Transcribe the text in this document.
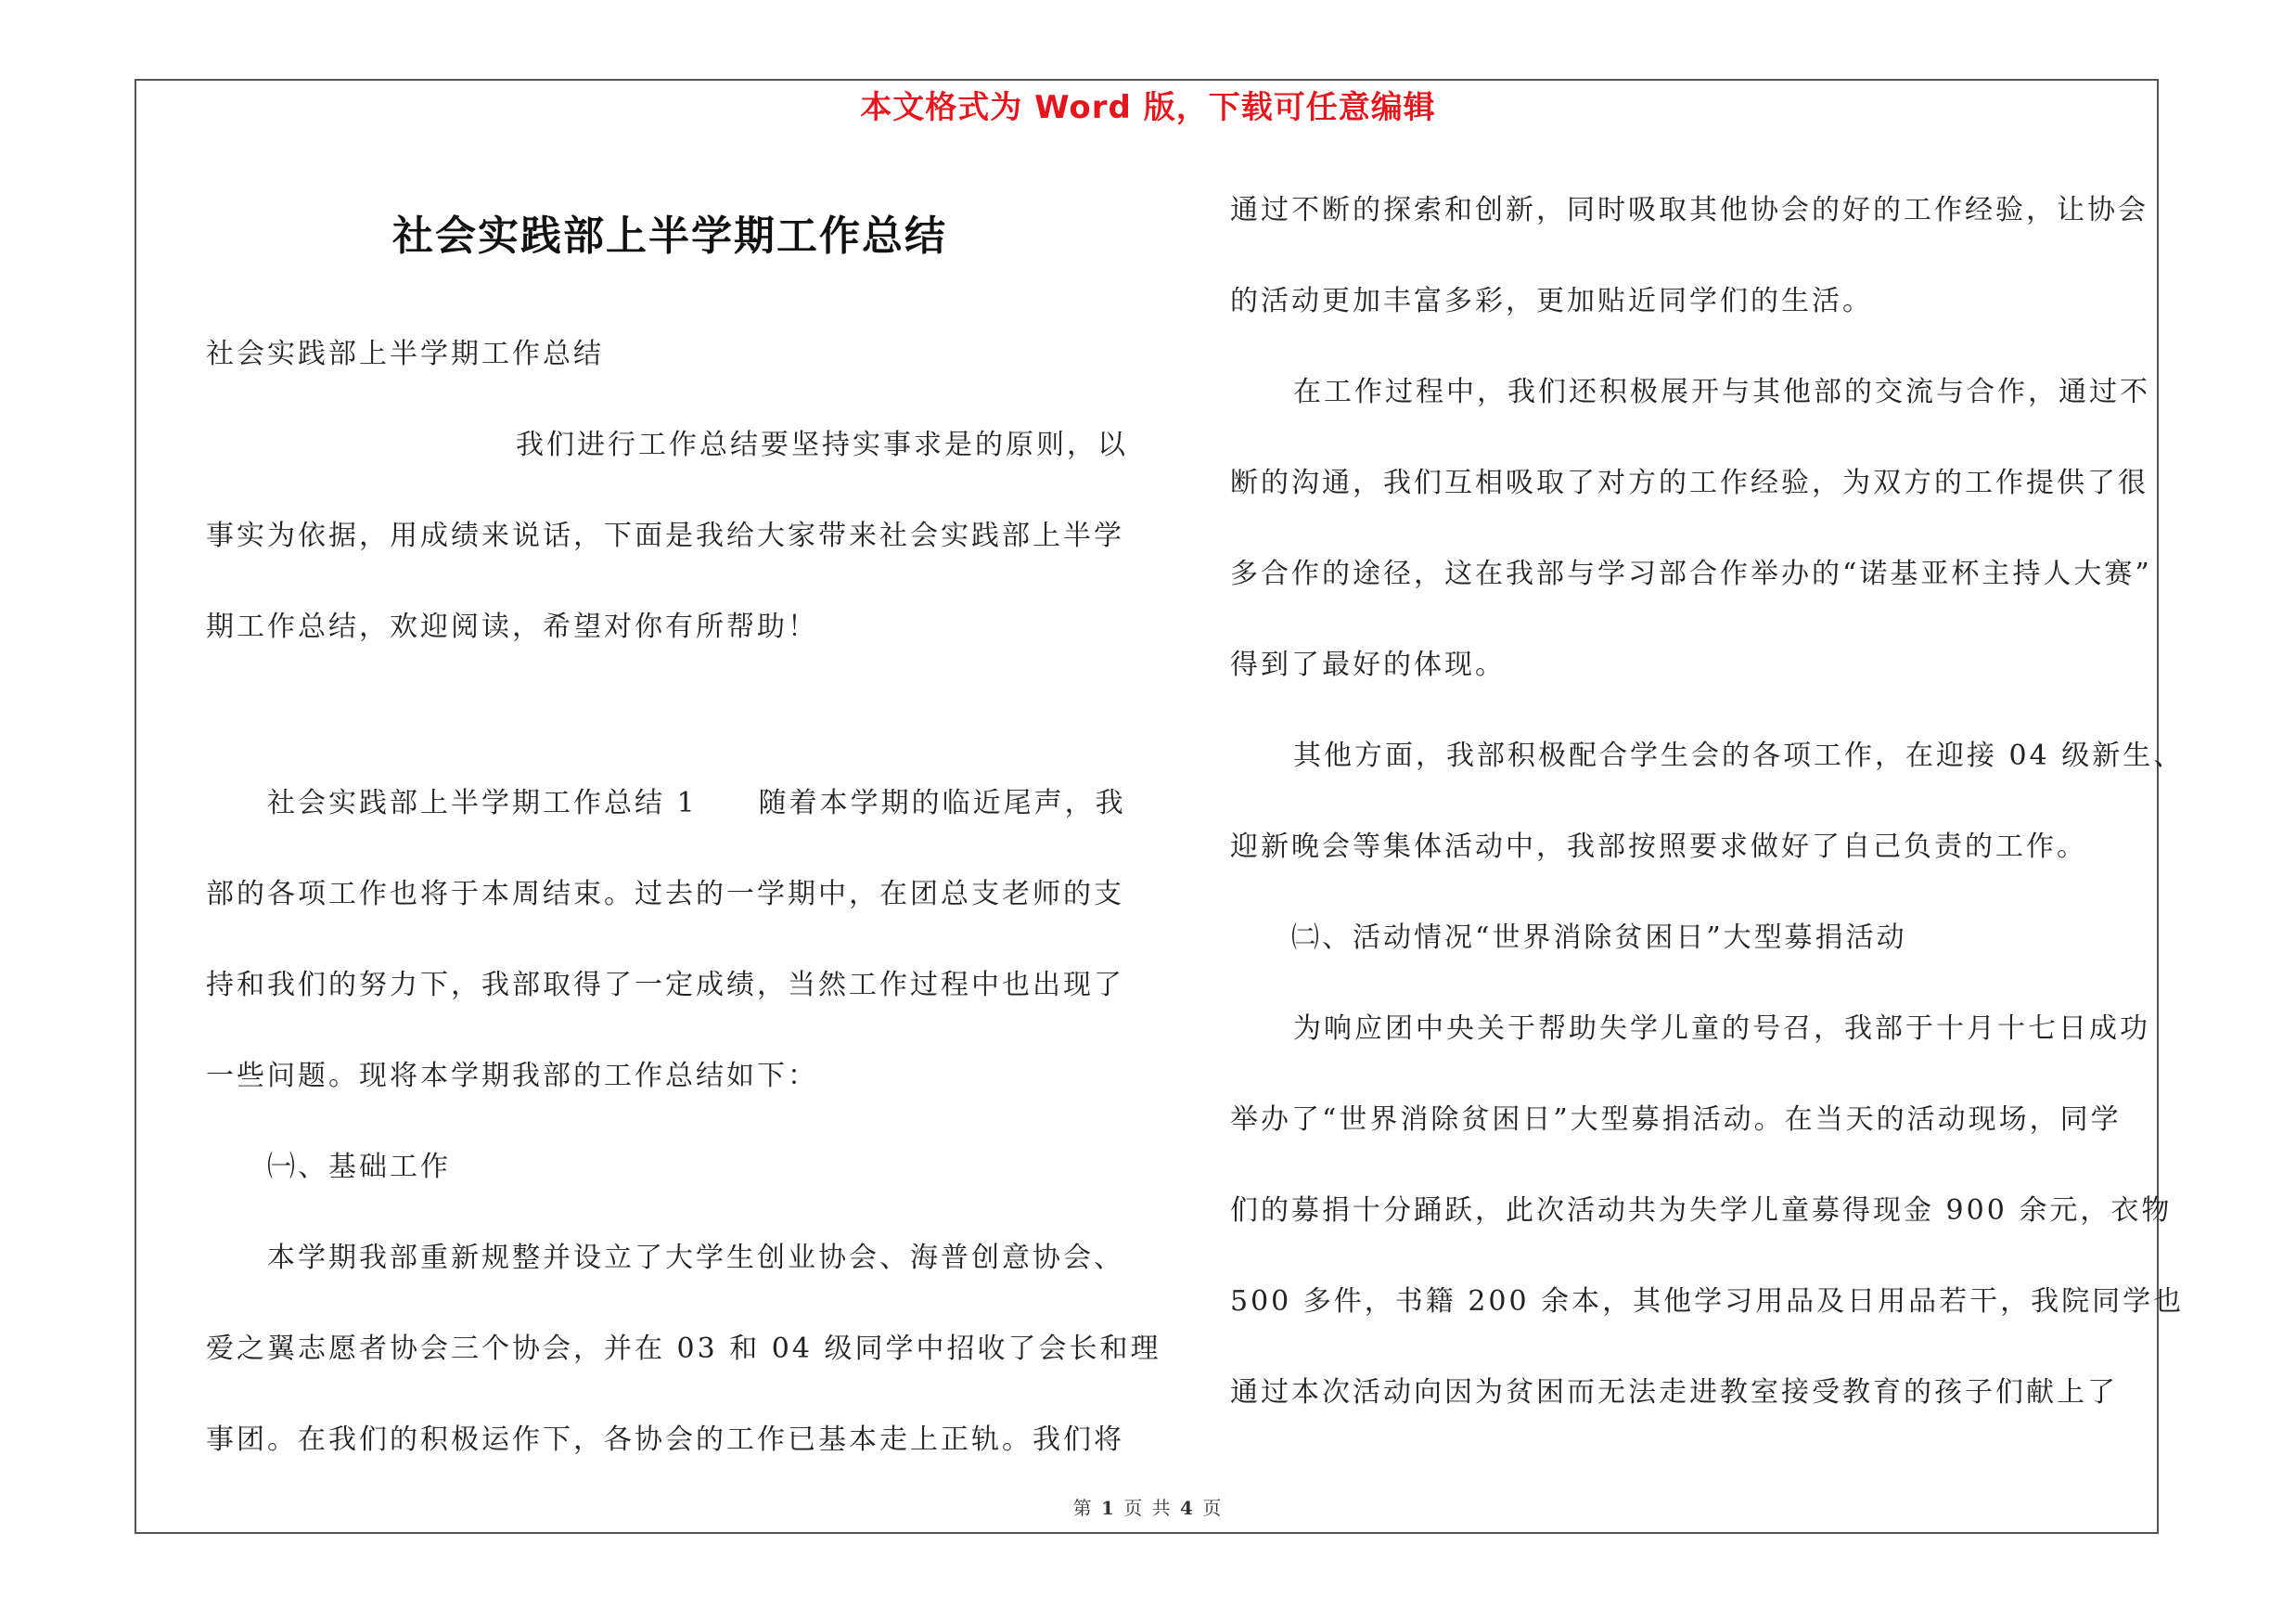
本文格式为 Word 版，下载可任意编辑
社会实践部上半学期工作总结
社会实践部上半学期工作总结
我们进行工作总结要坚持实事求是的原则，以
事实为依据，用成绩来说话，下面是我给大家带来社会实践部上半学
期工作总结，欢迎阅读，希望对你有所帮助！
社会实践部上半学期工作总结 1　　随着本学期的临近尾声，我
部的各项工作也将于本周结束。过去的一学期中，在团总支老师的支
持和我们的努力下，我部取得了一定成绩，当然工作过程中也出现了
一些问题。现将本学期我部的工作总结如下：
㈠、基础工作
本学期我部重新规整并设立了大学生创业协会、海普创意协会、
爱之翼志愿者协会三个协会，并在 03 和 04 级同学中招收了会长和理
事团。在我们的积极运作下，各协会的工作已基本走上正轨。我们将
通过不断的探索和创新，同时吸取其他协会的好的工作经验，让协会
的活动更加丰富多彩，更加贴近同学们的生活。
在工作过程中，我们还积极展开与其他部的交流与合作，通过不
断的沟通，我们互相吸取了对方的工作经验，为双方的工作提供了很
多合作的途径，这在我部与学习部合作举办的“诺基亚杯主持人大赛”
得到了最好的体现。
其他方面，我部积极配合学生会的各项工作，在迎接 04 级新生、
迎新晚会等集体活动中，我部按照要求做好了自己负责的工作。
㈡、活动情况“世界消除贫困日”大型募捐活动
为响应团中央关于帮助失学儿童的号召，我部于十月十七日成功
举办了“世界消除贫困日”大型募捐活动。在当天的活动现场，同学
们的募捐十分踊跃，此次活动共为失学儿童募得现金 900 余元，衣物
500 多件，书籍 200 余本，其他学习用品及日用品若干，我院同学也
通过本次活动向因为贫困而无法走进教室接受教育的孩子们献上了
第 1 页 共 4 页
